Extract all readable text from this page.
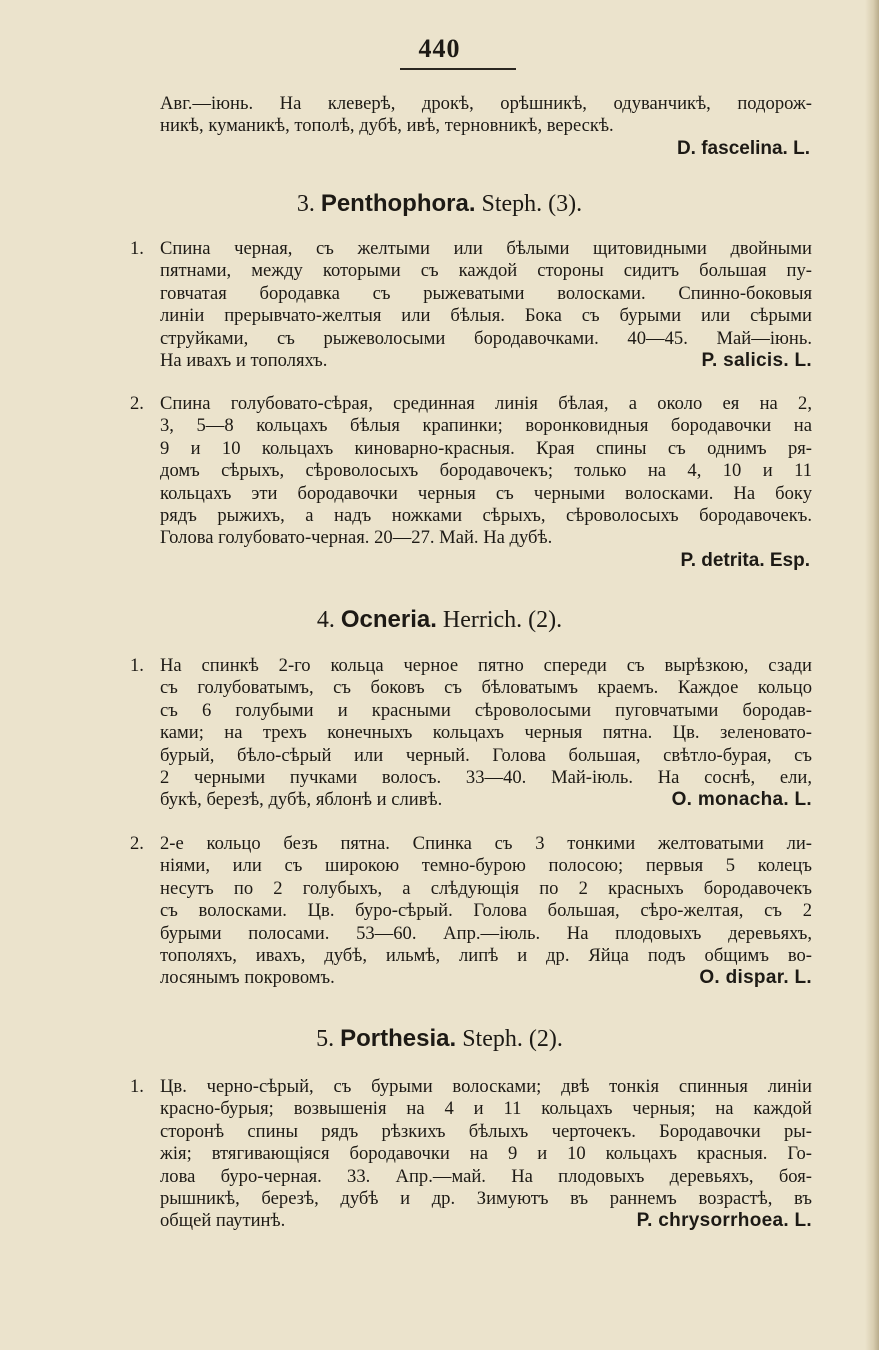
440
Авг.—іюнь. На клеверѣ, дрокѣ, орѣшникѣ, одуванчикѣ, подорож-
никѣ, куманикѣ, тополѣ, дубѣ, ивѣ, терновникѣ, верескѣ.
D. fascelina. L.
3. Penthophora. Steph. (3).
1. Спина черная, съ желтыми или бѣлыми щитовидными двойными
пятнами, между которыми съ каждой стороны сидитъ большая пу-
говчатая бородавка съ рыжеватыми волосками. Спинно-боковыя
линіи прерывчато-желтыя или бѣлыя. Бока съ бурыми или сѣрыми
струйками, съ рыжеволосыми бородавочками. 40—45. Май—іюнь.
На ивахъ и тополяхъ.	P. salicis. L.
2. Спина голубовато-сѣрая, срединная линія бѣлая, а около ея на 2,
3, 5—8 кольцахъ бѣлыя крапинки; воронковидныя бородавочки на
9 и 10 кольцахъ киноварно-красныя. Края спины съ однимъ ря-
домъ сѣрыхъ, сѣроволосыхъ бородавочекъ; только на 4, 10 и 11
кольцахъ эти бородавочки черныя съ черными волосками. На боку
рядъ рыжихъ, а надъ ножками сѣрыхъ, сѣроволосыхъ бородавочекъ.
Голова голубовато-черная. 20—27. Май. На дубѣ.
P. detrita. Esp.
4. Ocneria. Herrich. (2).
1. На спинкѣ 2-го кольца черное пятно спереди съ вырѣзкою, сзади
съ голубоватымъ, съ боковъ съ бѣловатымъ краемъ. Каждое кольцо
съ 6 голубыми и красными сѣроволосыми пуговчатыми бородав-
ками; на трехъ конечныхъ кольцахъ черныя пятна. Цв. зеленовато-
бурый, бѣло-сѣрый или черный. Голова большая, свѣтло-бурая, съ
2 черными пучками волосъ. 33—40. Май-іюль. На соснѣ, ели,
букѣ, березѣ, дубѣ, яблонѣ и сливѣ.	O. monacha. L.
2. 2-е кольцо безъ пятна. Спинка съ 3 тонкими желтоватыми ли-
ніями, или съ широкою темно-бурою полосою; первыя 5 колецъ
несутъ по 2 голубыхъ, а слѣдующія по 2 красныхъ бородавочекъ
съ волосками. Цв. буро-сѣрый. Голова большая, сѣро-желтая, съ 2
бурыми полосами. 53—60. Апр.—іюль. На плодовыхъ деревьяхъ,
тополяхъ, ивахъ, дубѣ, ильмѣ, липѣ и др. Яйца подъ общимъ во-
лосянымъ покровомъ.	O. dispar. L.
5. Porthesia. Steph. (2).
1. Цв. черно-сѣрый, съ бурыми волосками; двѣ тонкія спинныя линіи
красно-бурыя; возвышенія на 4 и 11 кольцахъ черныя; на каждой
сторонѣ спины рядъ рѣзкихъ бѣлыхъ черточекъ. Бородавочки ры-
жія; втягивающіяся бородавочки на 9 и 10 кольцахъ красныя. Го-
лова буро-черная. 33. Апр.—май. На плодовыхъ деревьяхъ, боя-
рышникѣ, березѣ, дубѣ и др. Зимуютъ въ раннемъ возрастѣ, въ
общей паутинѣ.	P. chrysorrhoea. L.
